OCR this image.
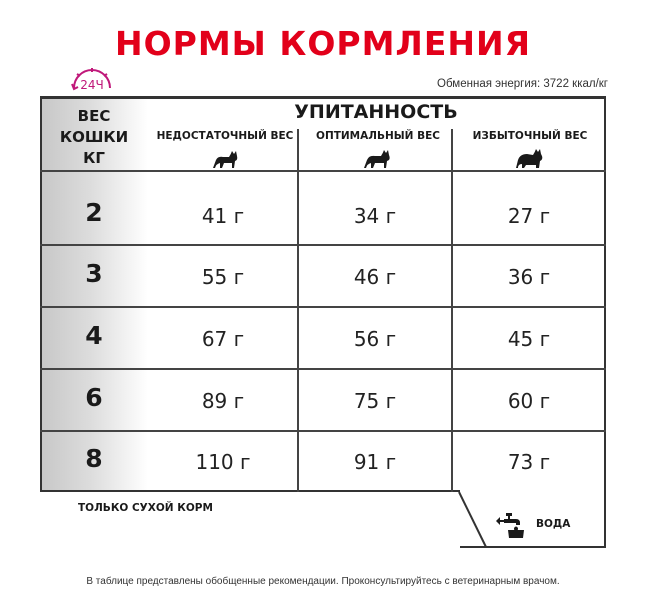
НОРМЫ КОРМЛЕНИЯ
24Ч	Обменная энергия: 3722 ккал/кг
ВЕС
КОШКИ
КГ
УПИТАННОСТЬ
НЕДОСТАТОЧНЫЙ ВЕС	ОПТИМАЛЬНЫЙ ВЕС	ИЗБЫТОЧНЫЙ ВЕС
2	41 г	34 г	27 г
3	55 г	46 г	36 г
4	67 г	56 г	45 г
6	89 г	75 г	60 г
8	110 г	91 г	73 г
ТОЛЬКО СУХОЙ КОРМ
ВОДА
В таблице представлены обобщенные рекомендации. Проконсультируйтесь с ветеринарным врачом.
